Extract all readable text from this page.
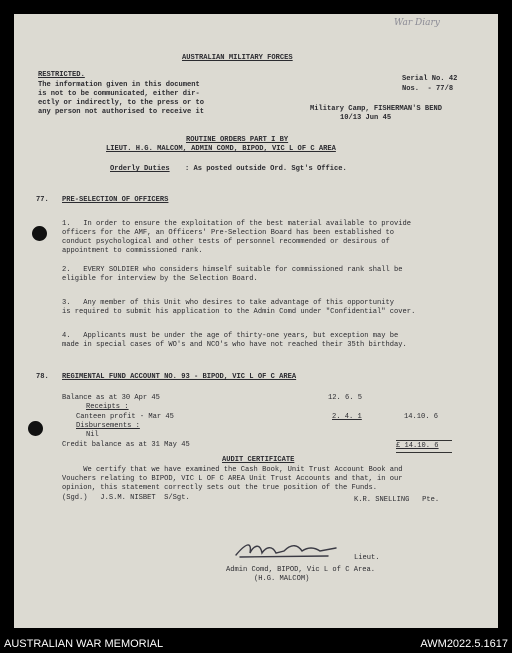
War Diary
AUSTRALIAN MILITARY FORCES
RESTRICTED.
The information given in this document
is not to be communicated, either dir-
ectly or indirectly, to the press or to
any person not authorised to receive it
Serial No. 42
Nos.  - 77/8
Military Camp, FISHERMAN'S BEND
10/13 Jun 45
ROUTINE ORDERS PART I BY
LIEUT. H.G. MALCOM, ADMIN COMD, BIPOD, VIC L OF C AREA
Orderly Duties : As posted outside Ord. Sgt's Office.
77. PRE-SELECTION OF OFFICERS
1.   In order to ensure the exploitation of the best material available to provide
officers for the AMF, an Officers' Pre-Selection Board has been established to
conduct psychological and other tests of personnel recommended or desirous of
appointment to commissioned rank.
2.   EVERY SOLDIER who considers himself suitable for commissioned rank shall be
eligible for interview by the Selection Board.
3.   Any member of this Unit who desires to take advantage of this opportunity
is required to submit his application to the Admin Comd under "Confidential" cover.
4.   Applicants must be under the age of thirty-one years, but exception may be
made in special cases of WO's and NCO's who have not reached their 35th birthday.
78. REGIMENTAL FUND ACCOUNT NO. 93 - BIPOD, VIC L OF C AREA
Balance as at 30 Apr 45	12. 6. 5
Receipts :
Canteen profit - Mar 45	2. 4. 1	14.10. 6
Disbursements :
Nil
Credit balance as at 31 May 45	£ 14.10. 6
AUDIT CERTIFICATE
We certify that we have examined the Cash Book, Unit Trust Account Book and
Vouchers relating to BIPOD, VIC L OF C AREA Unit Trust Accounts and that, in our
opinion, this statement correctly sets out the true position of the Funds.
(Sgd.)   J.S.M. NISBET  S/Sgt.	K.R. SNELLING   Pte.
Lieut.
Admin Comd, BIPOD, Vic L of C Area.
(H.G. MALCOM)
AUSTRALIAN WAR MEMORIAL	AWM2022.5.1617
